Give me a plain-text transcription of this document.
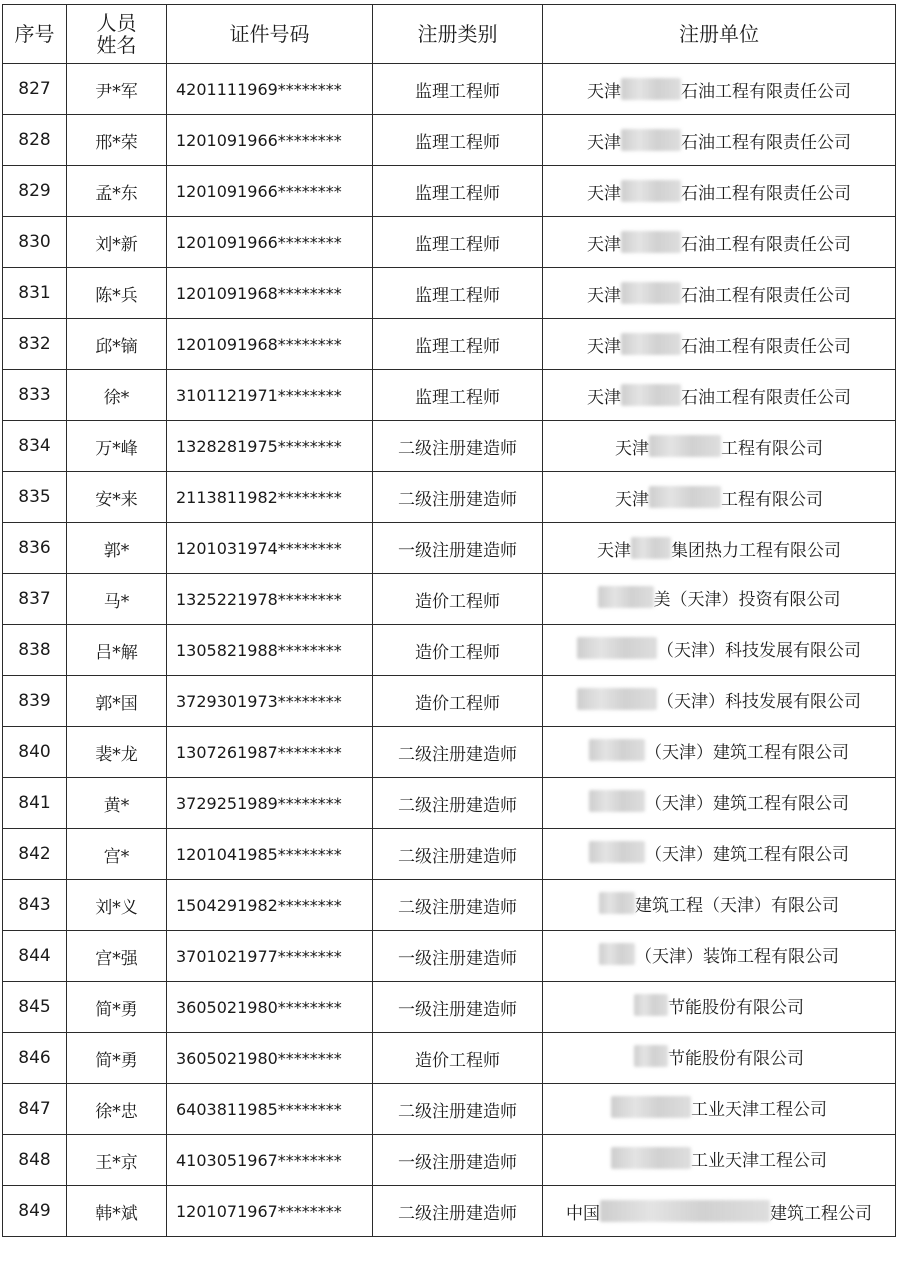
序号	人员姓名	证件号码	注册类别	注册单位
827	尹*军	4201111969********	监理工程师	天津 石油工程有限责任公司

828	邢*荣	1201091966********	监理工程师	天津 石油工程有限责任公司

829	孟*东	1201091966********	监理工程师	天津 石油工程有限责任公司

830	刘*新	1201091966********	监理工程师	天津 石油工程有限责任公司

831	陈*兵	1201091968********	监理工程师	天津 石油工程有限责任公司

832	邱*镝	1201091968********	监理工程师	天津 石油工程有限责任公司

833	徐*	3101121971********	监理工程师	天津 石油工程有限责任公司

834	万*峰	1328281975********	二级注册建造师	天津 工程有限公司

835	安*来	2113811982********	二级注册建造师	天津 工程有限公司

836	郭*	1201031974********	一级注册建造师	天津 集团热力工程有限公司

837	马*	1325221978********	造价工程师	美（天津）投资有限公司

838	吕*解	1305821988********	造价工程师	（天津）科技发展有限公司

839	郭*国	3729301973********	造价工程师	（天津）科技发展有限公司

840	裴*龙	1307261987********	二级注册建造师	（天津）建筑工程有限公司

841	黄*	3729251989********	二级注册建造师	（天津）建筑工程有限公司

842	宫*	1201041985********	二级注册建造师	（天津）建筑工程有限公司

843	刘*义	1504291982********	二级注册建造师	建筑工程（天津）有限公司

844	宫*强	3701021977********	一级注册建造师	（天津）装饰工程有限公司

845	简*勇	3605021980********	一级注册建造师	节能股份有限公司

846	简*勇	3605021980********	造价工程师	节能股份有限公司

847	徐*忠	6403811985********	二级注册建造师	工业天津工程公司

848	王*京	4103051967********	一级注册建造师	工业天津工程公司

849	韩*斌	1201071967********	二级注册建造师	中国 建筑工程公司
